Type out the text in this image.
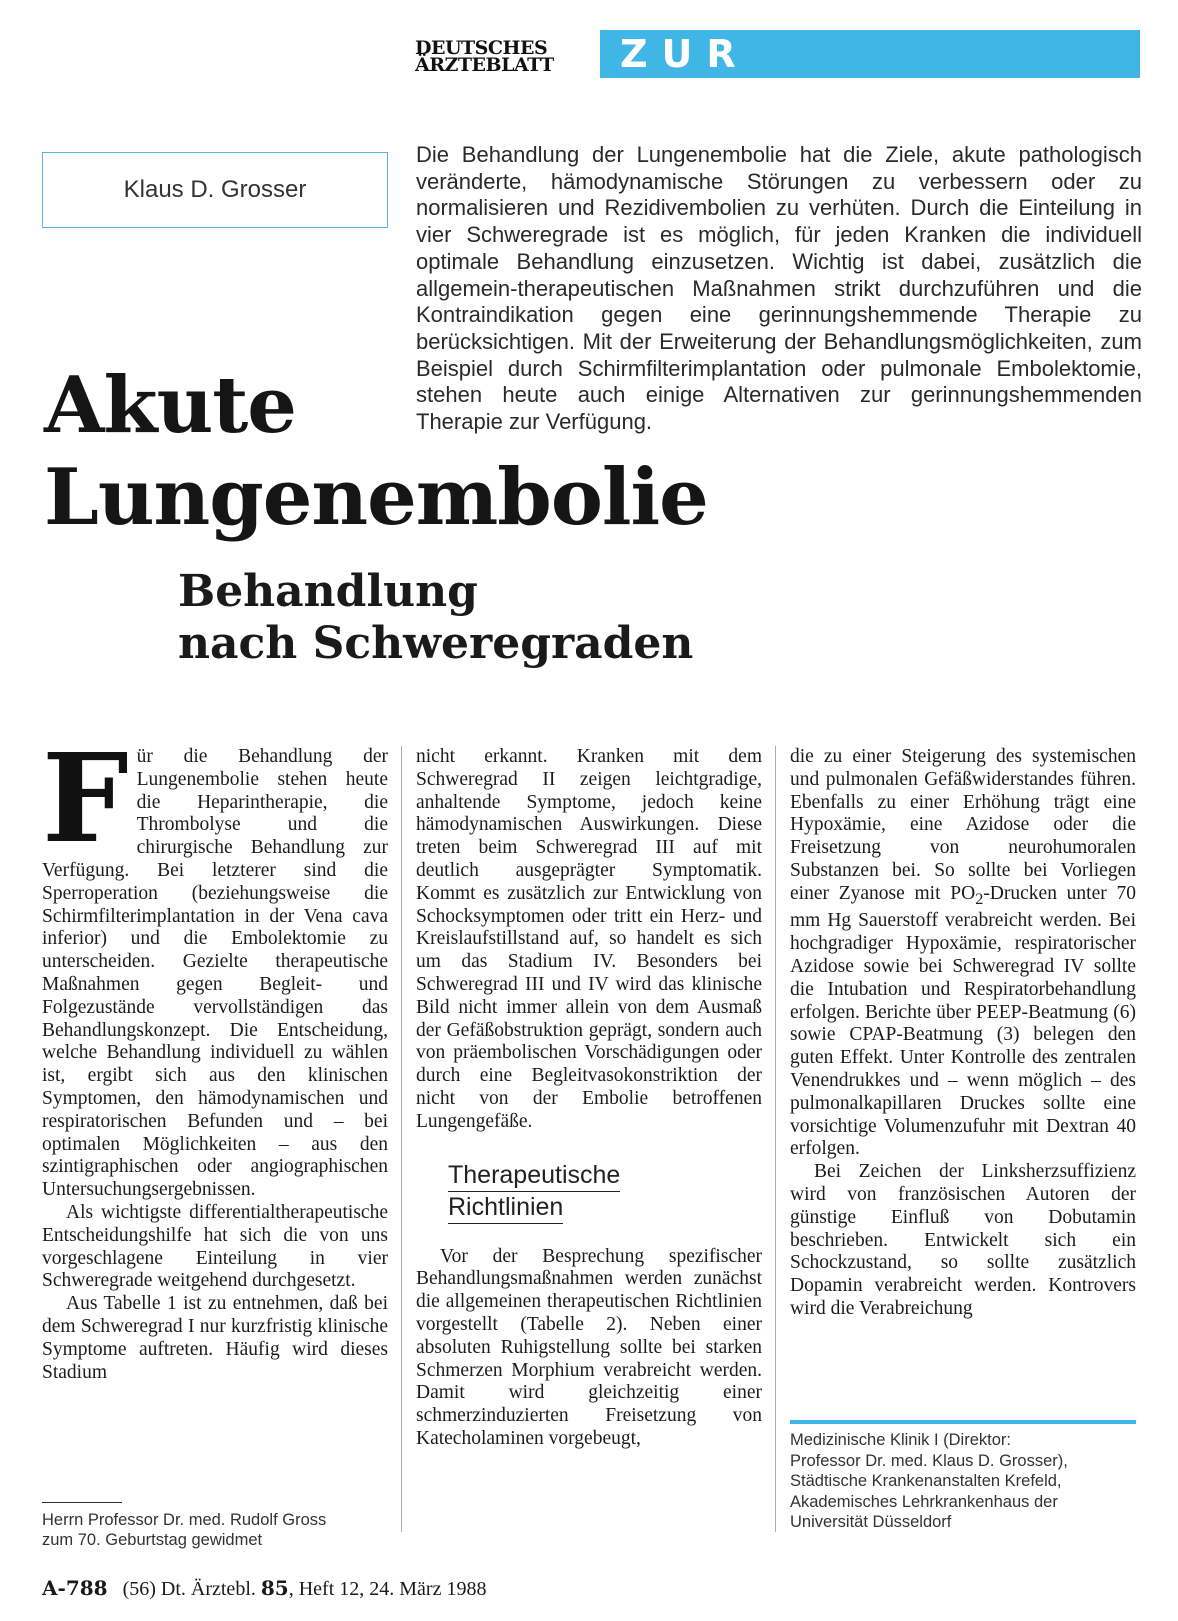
DEUTSCHES
ÄRZTEBLATT	ZUR FORTBILDUNG
Klaus D. Grosser
Die Behandlung der Lungenembolie hat die Ziele, akute pathologisch veränderte, hämodynamische Störungen zu verbessern oder zu normalisieren und Rezidivembolien zu verhüten. Durch die Einteilung in vier Schweregrade ist es möglich, für jeden Kranken die individuell optimale Behandlung einzusetzen. Wichtig ist dabei, zusätzlich die allgemein-therapeutischen Maßnahmen strikt durchzuführen und die Kontraindikation gegen eine gerinnungshemmende Therapie zu berücksichtigen. Mit der Erweiterung der Behandlungsmöglichkeiten, zum Beispiel durch Schirmfilterimplantation oder pulmonale Embolektomie, stehen heute auch einige Alternativen zur gerinnungshemmenden Therapie zur Verfügung.
Akute
Lungenembolie
Behandlung
nach Schweregraden

Für die Behandlung der Lungenembolie stehen heute die Heparintherapie, die Thrombolyse und die chirurgische Behandlung zur Verfügung. Bei letzterer sind die Sperroperation (beziehungsweise die Schirmfilterimplantation in der Vena cava inferior) und die Embolektomie zu unterscheiden. Gezielte therapeutische Maßnahmen gegen Begleit- und Folgezustände vervollständigen das Behandlungskonzept. Die Entscheidung, welche Behandlung individuell zu wählen ist, ergibt sich aus den klinischen Symptomen, den hämodynamischen und respiratorischen Befunden und – bei optimalen Möglichkeiten – aus den szintigraphischen oder angiographischen Untersuchungsergebnissen.

Als wichtigste differentialtherapeutische Entscheidungshilfe hat sich die von uns vorgeschlagene Einteilung in vier Schweregrade weitgehend durchgesetzt.

Aus Tabelle 1 ist zu entnehmen, daß bei dem Schweregrad I nur kurzfristig klinische Symptome auftreten. Häufig wird dieses Stadium

nicht erkannt. Kranken mit dem Schweregrad II zeigen leichtgradige, anhaltende Symptome, jedoch keine hämodynamischen Auswirkungen. Diese treten beim Schweregrad III auf mit deutlich ausgeprägter Symptomatik. Kommt es zusätzlich zur Entwicklung von Schocksymptomen oder tritt ein Herz- und Kreislaufstillstand auf, so handelt es sich um das Stadium IV. Besonders bei Schweregrad III und IV wird das klinische Bild nicht immer allein von dem Ausmaß der Gefäßobstruktion geprägt, sondern auch von präembolischen Vorschädigungen oder durch eine Begleitvasokonstriktion der nicht von der Embolie betroffenen Lungengefäße.

Therapeutische
Richtlinien

Vor der Besprechung spezifischer Behandlungsmaßnahmen werden zunächst die allgemeinen therapeutischen Richtlinien vorgestellt (Tabelle 2). Neben einer absoluten Ruhigstellung sollte bei starken Schmerzen Morphium verabreicht werden. Damit wird gleichzeitig einer schmerzinduzierten Freisetzung von Katecholaminen vorgebeugt,

die zu einer Steigerung des systemischen und pulmonalen Gefäßwiderstandes führen. Ebenfalls zu einer Erhöhung trägt eine Hypoxämie, eine Azidose oder die Freisetzung von neurohumoralen Substanzen bei. So sollte bei Vorliegen einer Zyanose mit $PO_2$-Drucken unter 70 mm Hg Sauerstoff verabreicht werden. Bei hochgradiger Hypoxämie, respiratorischer Azidose sowie bei Schweregrad IV sollte die Intubation und Respiratorbehandlung erfolgen. Berichte über PEEP-Beatmung (6) sowie CPAP-Beatmung (3) belegen den guten Effekt. Unter Kontrolle des zentralen Venendrukkes und – wenn möglich – des pulmonalkapillaren Druckes sollte eine vorsichtige Volumenzufuhr mit Dextran 40 erfolgen.

Bei Zeichen der Linksherzsuffizienz wird von französischen Autoren der günstige Einfluß von Dobutamin beschrieben. Entwickelt sich ein Schockzustand, so sollte zusätzlich Dopamin verabreicht werden. Kontrovers wird die Verabreichung

Herrn Professor Dr. med. Rudolf Gross
zum 70. Geburtstag gewidmet
Medizinische Klinik I (Direktor:
Professor Dr. med. Klaus D. Grosser),
Städtische Krankenanstalten Krefeld,
Akademisches Lehrkrankenhaus der
Universität Düsseldorf
A-788 (56) Dt. Ärztebl. 85, Heft 12, 24. März 1988
